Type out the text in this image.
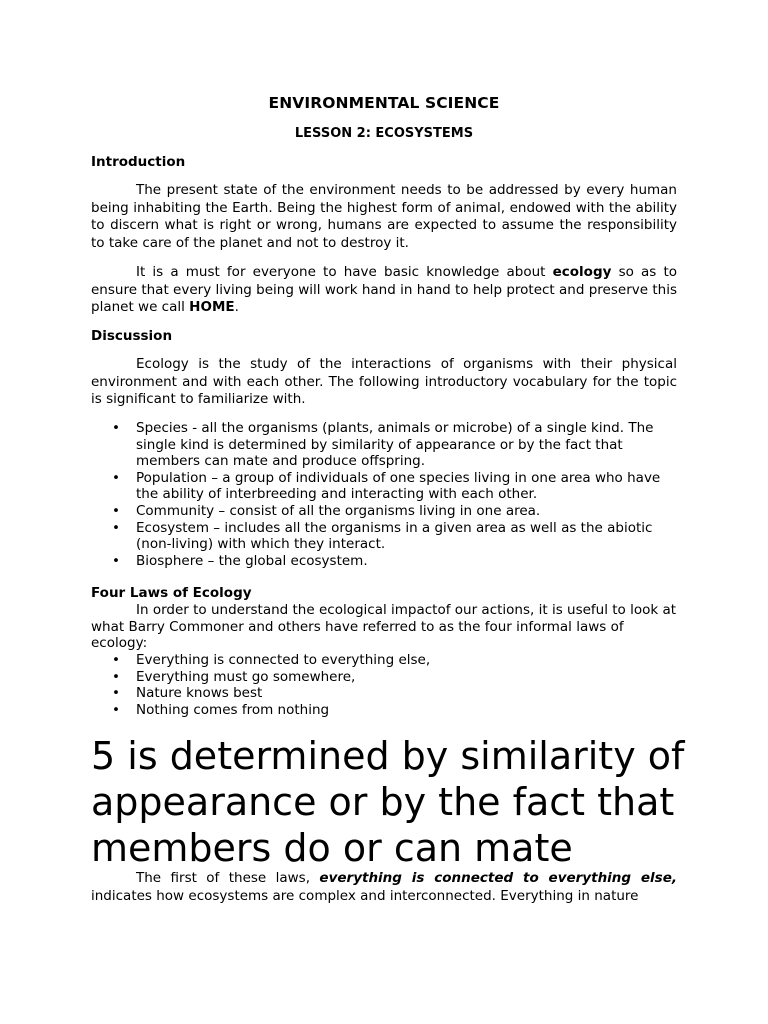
ENVIRONMENTAL SCIENCE
LESSON 2: ECOSYSTEMS
Introduction

The present state of the environment needs to be addressed by every human being inhabiting the Earth. Being the highest form of animal, endowed with the ability to discern what is right or wrong, humans are expected to assume the responsibility to take care of the planet and not to destroy it.

It is a must for everyone to have basic knowledge about ecology so as to ensure that every living being will work hand in hand to help protect and preserve this planet we call HOME.

Discussion

Ecology is the study of the interactions of organisms with their physical environment and with each other. The following introductory vocabulary for the topic is significant to familiarize with.

• Species - all the organisms (plants, animals or microbe) of a single kind. The single kind is determined by similarity of appearance or by the fact that members can mate and produce offspring.
• Population – a group of individuals of one species living in one area who have the ability of interbreeding and interacting with each other.
• Community – consist of all the organisms living in one area.
• Ecosystem – includes all the organisms in a given area as well as the abiotic (non-living) with which they interact.
• Biosphere – the global ecosystem.
Four Laws of Ecology

In order to understand the ecological impactof our actions, it is useful to look at what Barry Commoner and others have referred to as the four informal laws of ecology:

• Everything is connected to everything else,
• Everything must go somewhere,
• Nature knows best
• Nothing comes from nothing

5 is determined by similarity of appearance or by the fact that members do or can mate

The first of these laws, everything is connected to everything else, indicates how ecosystems are complex and interconnected. Everything in nature
